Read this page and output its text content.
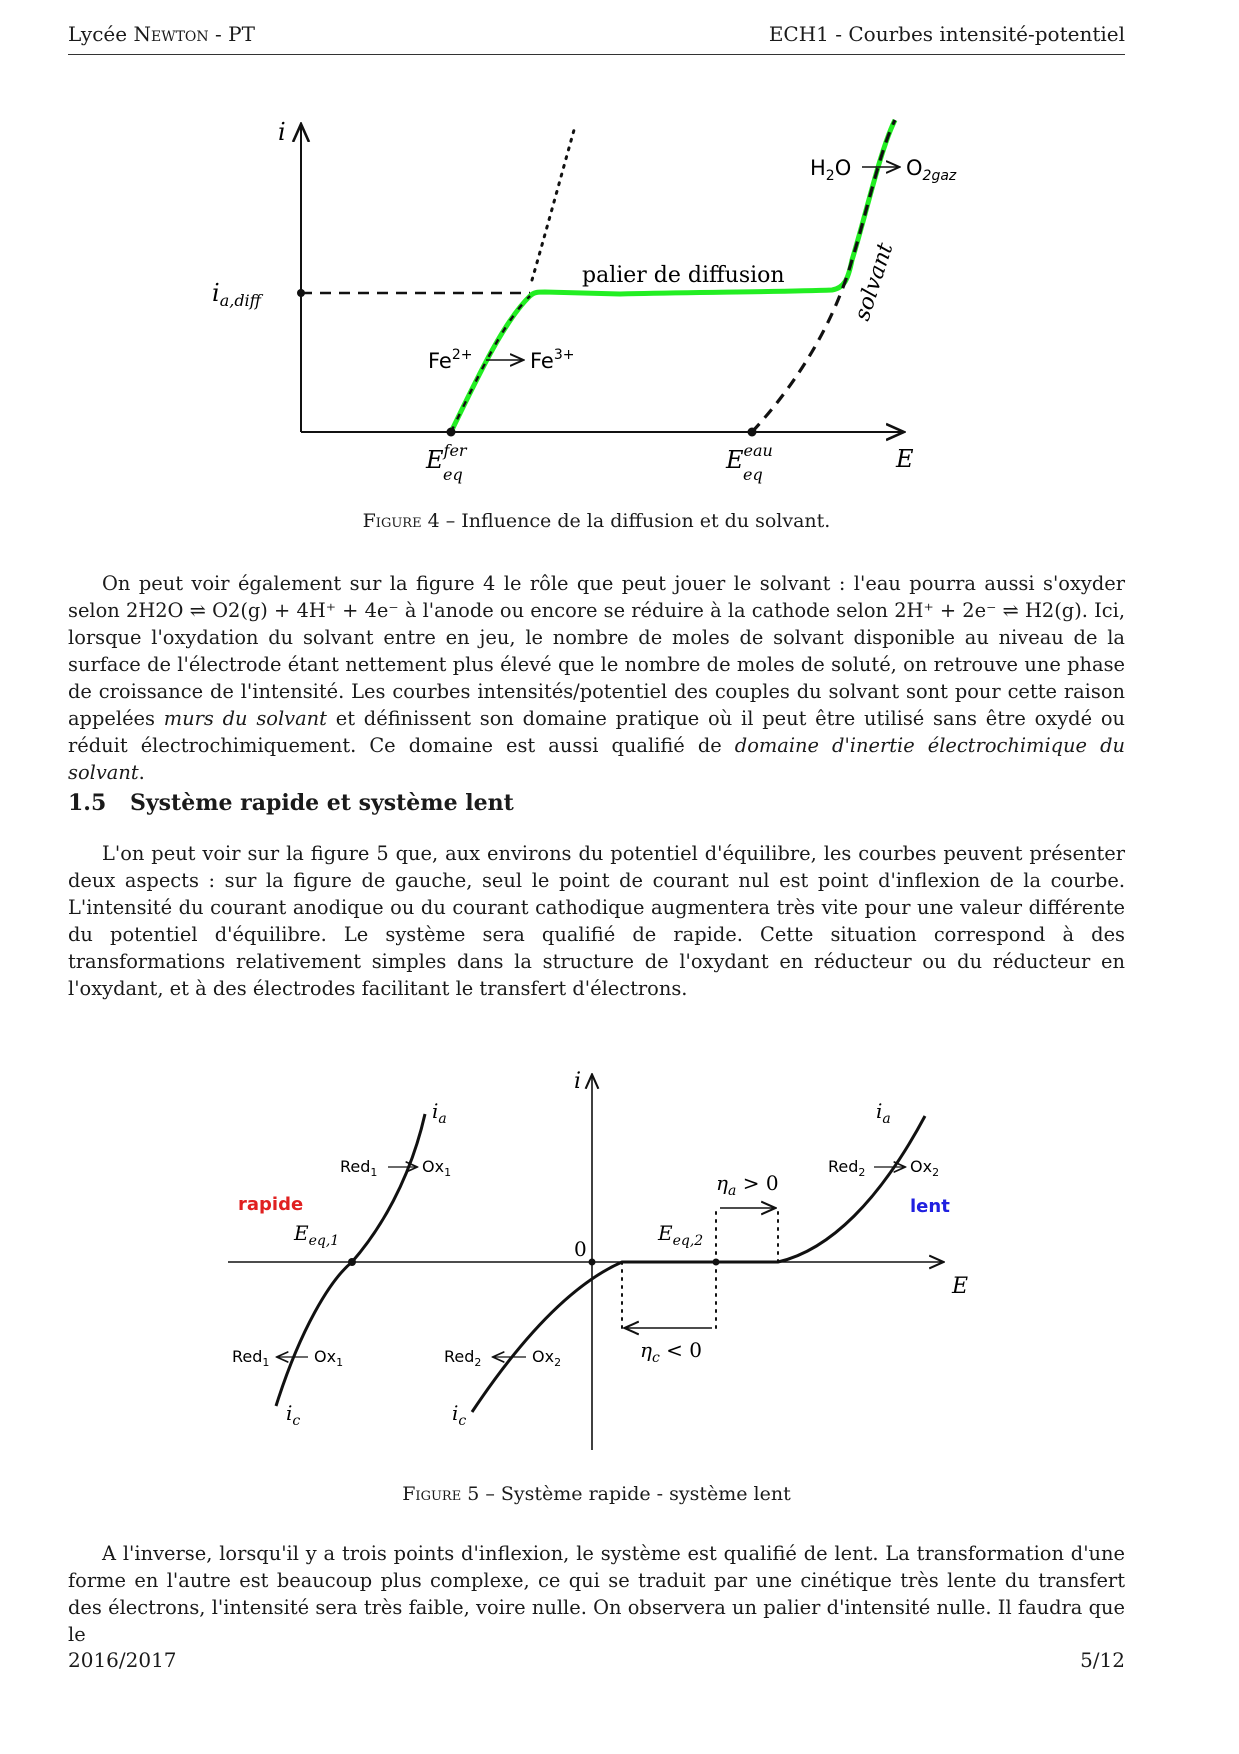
Lycée Newton - PT	ECH1 - Courbes intensité-potentiel
i
E
$i_{a,diff}$
palier de diffusion	solvant
$Fe^{2+}$	$Fe^{3+}$
$H_2O$	$O_{2gaz}$
$E^{fer}$ eq
$E^{eau}$ eq
Figure 4 – Influence de la diffusion et du solvant.

On peut voir également sur la figure 4 le rôle que peut jouer le solvant : l'eau pourra aussi s'oxyder selon 2H2O ⇌ O2(g) + 4H⁺ + 4e⁻ à l'anode ou encore se réduire à la cathode selon 2H⁺ + 2e⁻ ⇌ H2(g). Ici, lorsque l'oxydation du solvant entre en jeu, le nombre de moles de solvant disponible au niveau de la surface de l'électrode étant nettement plus élevé que le nombre de moles de soluté, on retrouve une phase de croissance de l'intensité. Les courbes intensités/potentiel des couples du solvant sont pour cette raison appelées murs du solvant et définissent son domaine pratique où il peut être utilisé sans être oxydé ou réduit électrochimiquement. Ce domaine est aussi qualifié de domaine d'inertie électrochimique du solvant.

1.5 Système rapide et système lent

L'on peut voir sur la figure 5 que, aux environs du potentiel d'équilibre, les courbes peuvent présenter deux aspects : sur la figure de gauche, seul le point de courant nul est point d'inflexion de la courbe. L'intensité du courant anodique ou du courant cathodique augmentera très vite pour une valeur différente du potentiel d'équilibre. Le système sera qualifié de rapide. Cette situation correspond à des transformations relativement simples dans la structure de l'oxydant en réducteur ou du réducteur en l'oxydant, et à des électrodes facilitant le transfert d'électrons.

i
E
0
$\eta_a > 0$
$\eta_c < 0$
rapide	lent
$i_a$
$i_c$
$i_a$
$i_c$
$E_{eq,1}$	$E_{eq,2}$
Red$_1$	$Ox_1$
Red$_1$	$Ox_1$
Red$_2$	$Ox_2$
Red$_2$	$Ox_2$
Figure 5 – Système rapide - système lent

A l'inverse, lorsqu'il y a trois points d'inflexion, le système est qualifié de lent. La transformation d'une forme en l'autre est beaucoup plus complexe, ce qui se traduit par une cinétique très lente du transfert des électrons, l'intensité sera très faible, voire nulle. On observera un palier d'intensité nulle. Il faudra que le

2016/2017	5/12
